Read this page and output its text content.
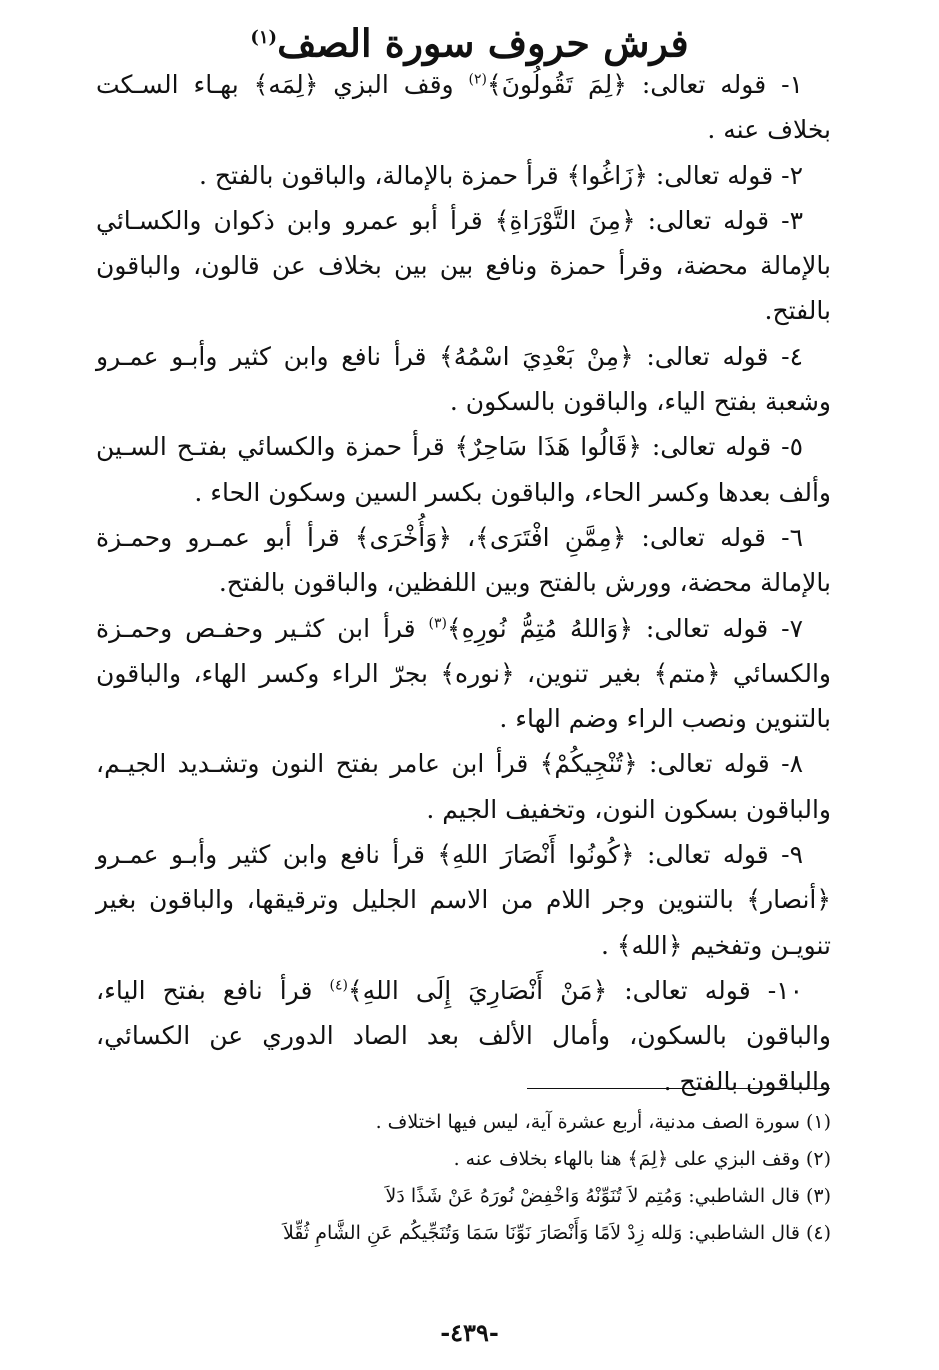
فرش حروف سورة الصف$^{(١)}$

١- قوله تعالى: ﴿لِمَ تَقُولُونَ﴾$^{(٢)}$ وقف البزي ﴿لِمَه﴾ بهـاء السـكت بخلاف عنه .

٢- قوله تعالى: ﴿زَاغُوا﴾ قرأ حمزة بالإمالة، والباقون بالفتح .

٣- قوله تعالى: ﴿مِنَ التَّوْرَاةِ﴾ قرأ أبو عمرو وابن ذكوان والكسـائي بالإمالة محضة، وقرأ حمزة ونافع بين بين بخلاف عن قالون، والباقون بالفتح.

٤- قوله تعالى: ﴿مِنْ بَعْدِيَ اسْمُهُ﴾ قرأ نافع وابن كثير وأبـو عمـرو وشعبة بفتح الياء، والباقون بالسكون .

٥- قوله تعالى: ﴿قَالُوا هَذَا سَاحِرٌ﴾ قرأ حمزة والكسائي بفتـح السـين وألف بعدها وكسر الحاء، والباقون بكسر السين وسكون الحاء .

٦- قوله تعالى: ﴿مِمَّنِ افْتَرَى﴾، ﴿وَأُخْرَى﴾ قرأ أبو عمـرو وحمـزة بالإمالة محضة، وورش بالفتح وبين اللفظين، والباقون بالفتح.

٧- قوله تعالى: ﴿وَاللهُ مُتِمُّ نُورِهِ﴾$^{(٣)}$ قرأ ابن كثـير وحفـص وحمـزة والكسائي ﴿متم﴾ بغير تنوين، ﴿نوره﴾ بجرّ الراء وكسر الهاء، والباقون بالتنوين ونصب الراء وضم الهاء .

٨- قوله تعالى: ﴿تُنْجِيكُمْ﴾ قرأ ابن عامر بفتح النون وتشـديد الجيـم، والباقون بسكون النون، وتخفيف الجيم .

٩- قوله تعالى: ﴿كُونُوا أَنْصَارَ اللهِ﴾ قرأ نافع وابن كثير وأبـو عمـرو ﴿أنصار﴾ بالتنوين وجر اللام من الاسم الجليل وترقيقها، والباقون بغير تنويـن وتفخيم ﴿الله﴾ .

١٠- قوله تعالى: ﴿مَنْ أَنْصَارِيَ إِلَى اللهِ﴾$^{(٤)}$ قرأ نافع بفتح الياء، والباقون بالسكون، وأمال الألف بعد الصاد الدوري عن الكسائي، والباقون بالفتح .

(١) سورة الصف مدنية، أربع عشرة آية، ليس فيها اختلاف .

(٢) وقف البزي على ﴿لِمَ﴾ هنا بالهاء بخلاف عنه .

(٣) قال الشاطبي: وَمُتِم لاَ تُنَوِّنْهُ وَاخْفِضْ نُورَهُ عَنْ شَذًا دَلاَ

(٤) قال الشاطبي: وَلله زِدْ لاَمًا وَأَنْصَارَ نَوِّنَا سَمَا وَتُنَجِّيكُم عَنِ الشَّامِ ثُقِّلاَ

-٤٣٩-
